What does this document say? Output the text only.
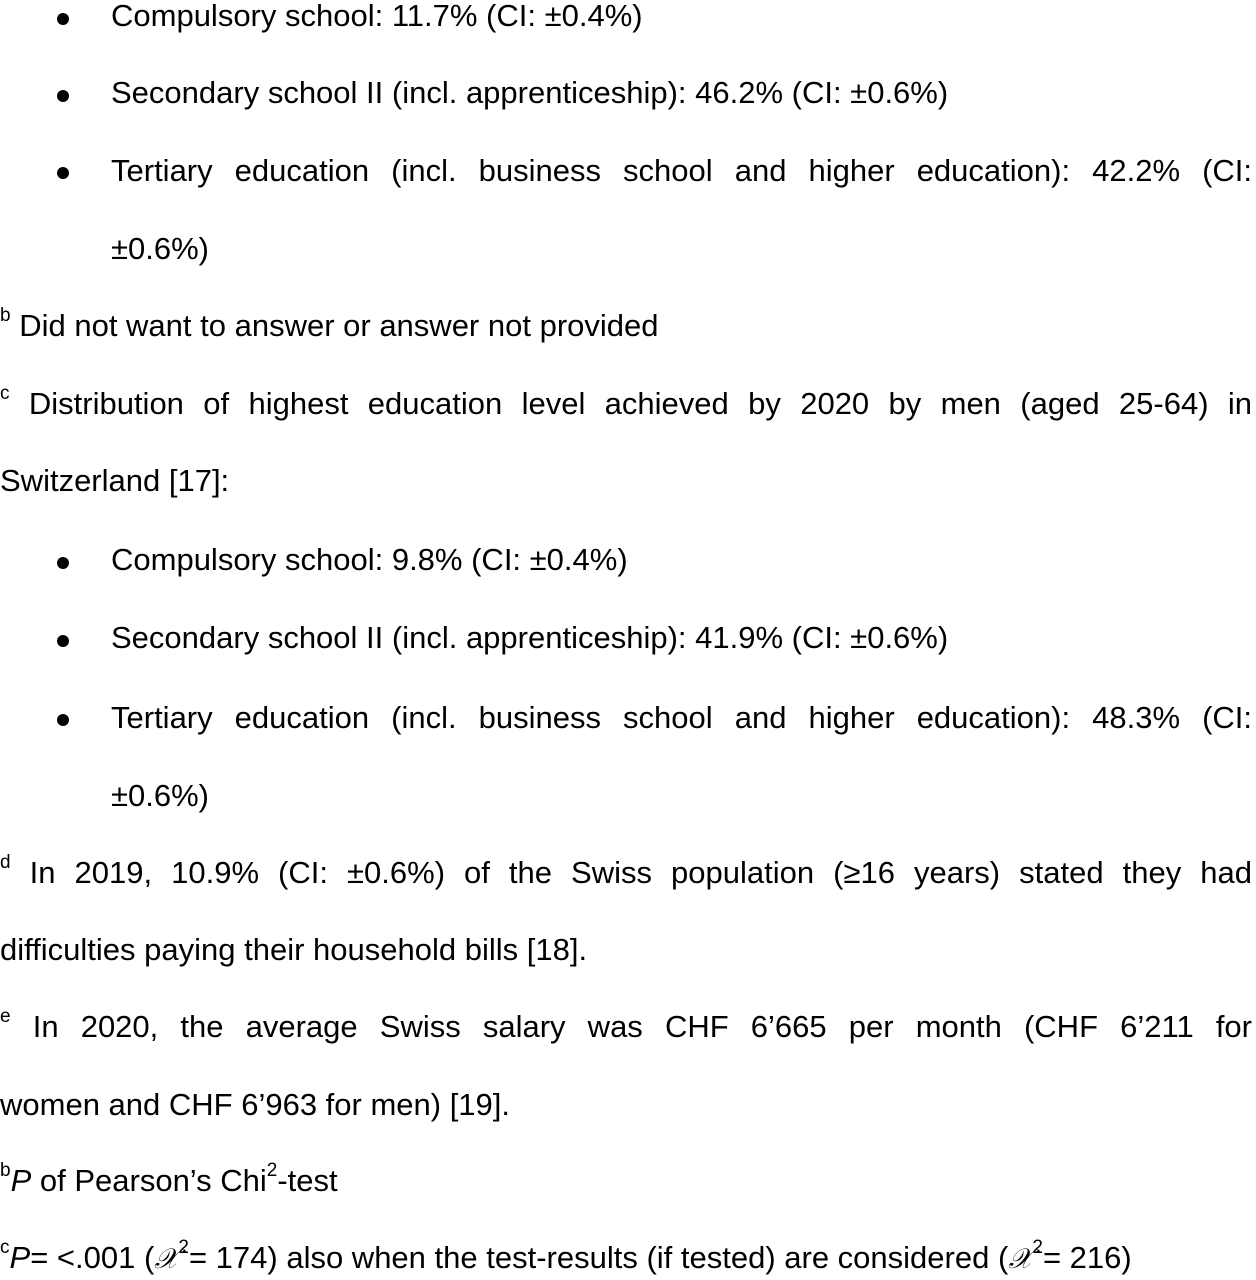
Compulsory school: 11.7% (CI: ±0.4%)
Secondary school II (incl. apprenticeship): 46.2% (CI: ±0.6%)
Tertiary education (incl. business school and higher education): 42.2% (CI:
±0.6%)
$^b$ Did not want to answer or answer not provided
$^c$ Distribution of highest education level achieved by 2020 by men (aged 25-64) in
Switzerland [17]:
Compulsory school: 9.8% (CI: ±0.4%)
Secondary school II (incl. apprenticeship): 41.9% (CI: ±0.6%)
Tertiary education (incl. business school and higher education): 48.3% (CI:
±0.6%)
$^d$ In 2019, 10.9% (CI: ±0.6%) of the Swiss population (≥16 years) stated they had
difficulties paying their household bills [18].
$^e$ In 2020, the average Swiss salary was CHF 6’665 per month (CHF 6’211 for
women and CHF 6’963 for men) [19].
$^b$P of Pearson’s Chi$^2$-test
$^c$P= <.001 (𝒳$^2$= 174) also when the test-results (if tested) are considered (𝒳$^2$= 216)
